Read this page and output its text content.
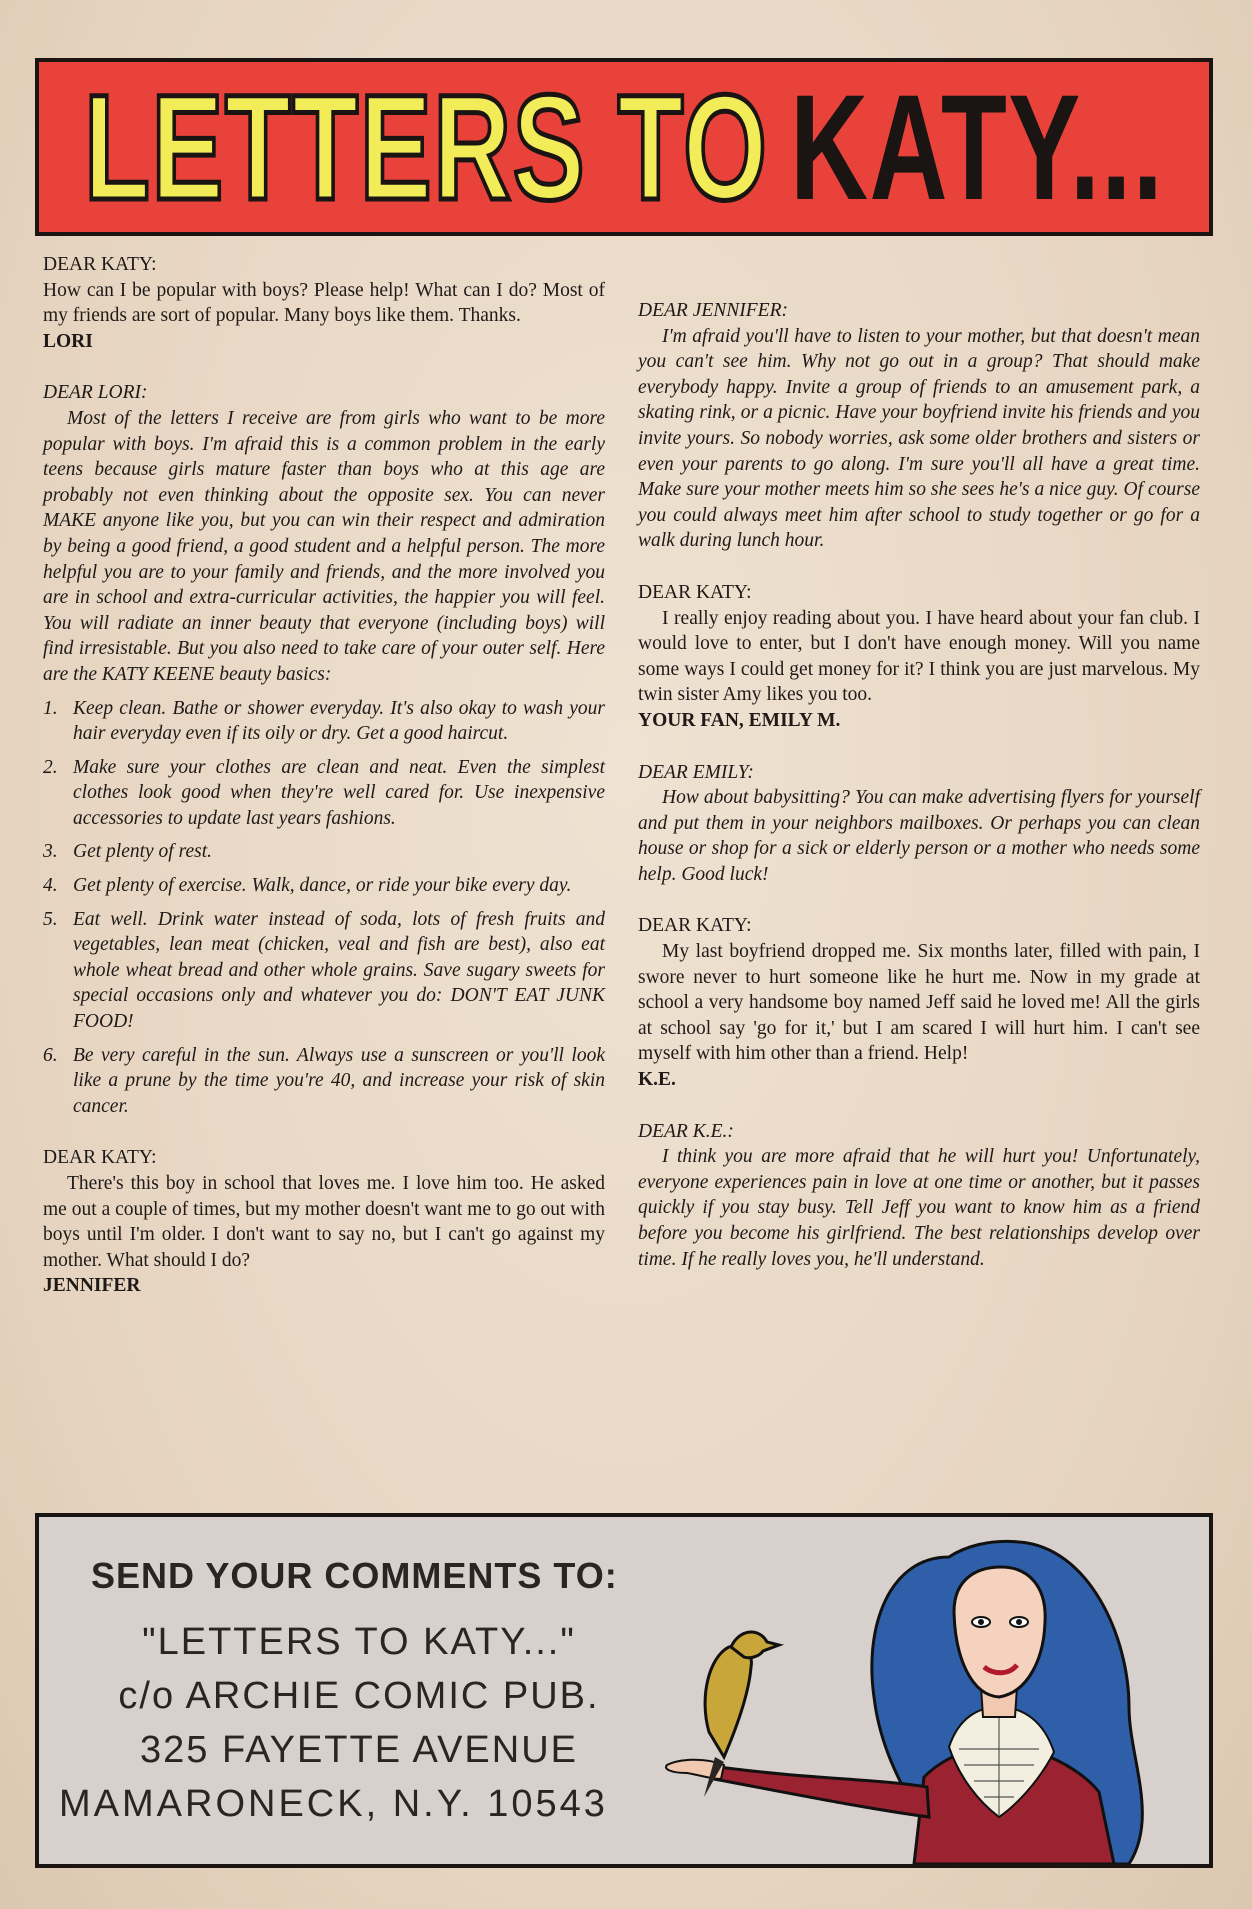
LETTERS TO KATY...

DEAR KATY:

How can I be popular with boys? Please help! What can I do? Most of my friends are sort of popular. Many boys like them. Thanks.

LORI

DEAR LORI:

Most of the letters I receive are from girls who want to be more popular with boys. I'm afraid this is a common problem in the early teens because girls mature faster than boys who at this age are probably not even thinking about the opposite sex. You can never MAKE anyone like you, but you can win their respect and admiration by being a good friend, a good student and a helpful person. The more helpful you are to your family and friends, and the more involved you are in school and extra-curricular activities, the happier you will feel. You will radiate an inner beauty that everyone (including boys) will find irresistable. But you also need to take care of your outer self. Here are the KATY KEENE beauty basics:

1. Keep clean. Bathe or shower everyday. It's also okay to wash your hair everyday even if its oily or dry. Get a good haircut.
2. Make sure your clothes are clean and neat. Even the simplest clothes look good when they're well cared for. Use inexpensive accessories to update last years fashions.
3. Get plenty of rest.
4. Get plenty of exercise. Walk, dance, or ride your bike every day.
5. Eat well. Drink water instead of soda, lots of fresh fruits and vegetables, lean meat (chicken, veal and fish are best), also eat whole wheat bread and other whole grains. Save sugary sweets for special occasions only and whatever you do: DON'T EAT JUNK FOOD!
6. Be very careful in the sun. Always use a sunscreen or you'll look like a prune by the time you're 40, and increase your risk of skin cancer.

DEAR KATY:

There's this boy in school that loves me. I love him too. He asked me out a couple of times, but my mother doesn't want me to go out with boys until I'm older. I don't want to say no, but I can't go against my mother. What should I do?

JENNIFER

DEAR JENNIFER:

I'm afraid you'll have to listen to your mother, but that doesn't mean you can't see him. Why not go out in a group? That should make everybody happy. Invite a group of friends to an amusement park, a skating rink, or a picnic. Have your boyfriend invite his friends and you invite yours. So nobody worries, ask some older brothers and sisters or even your parents to go along. I'm sure you'll all have a great time. Make sure your mother meets him so she sees he's a nice guy. Of course you could always meet him after school to study together or go for a walk during lunch hour.

DEAR KATY:

I really enjoy reading about you. I have heard about your fan club. I would love to enter, but I don't have enough money. Will you name some ways I could get money for it? I think you are just marvelous. My twin sister Amy likes you too.

YOUR FAN, EMILY M.

DEAR EMILY:

How about babysitting? You can make advertising flyers for yourself and put them in your neighbors mailboxes. Or perhaps you can clean house or shop for a sick or elderly person or a mother who needs some help. Good luck!

DEAR KATY:

My last boyfriend dropped me. Six months later, filled with pain, I swore never to hurt someone like he hurt me. Now in my grade at school a very handsome boy named Jeff said he loved me! All the girls at school say 'go for it,' but I am scared I will hurt him. I can't see myself with him other than a friend. Help!

K.E.

DEAR K.E.:

I think you are more afraid that he will hurt you! Unfortunately, everyone experiences pain in love at one time or another, but it passes quickly if you stay busy. Tell Jeff you want to know him as a friend before you become his girlfriend. The best relationships develop over time. If he really loves you, he'll understand.

SEND YOUR COMMENTS TO:
"LETTERS TO KATY..."
c/o ARCHIE COMIC PUB.
325 FAYETTE AVENUE
MAMARONECK, N.Y. 10543
